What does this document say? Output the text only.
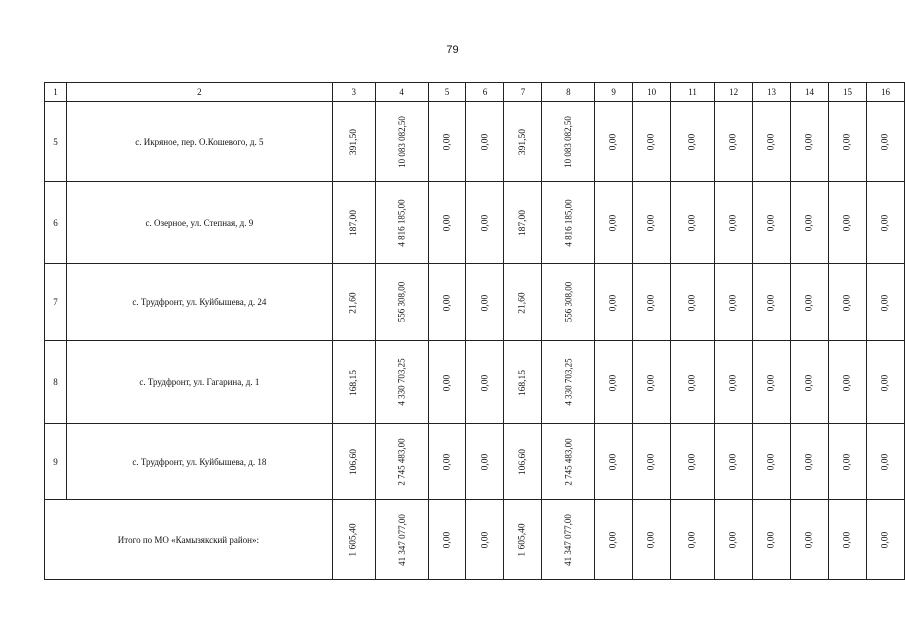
79
1	2	3	4	5	6	7	8	9	10	11	12	13	14	15	16
5	с. Икряное, пер. О.Кошевого, д. 5	391,50	10 083 082,50	0,00	0,00	391,50	10 083 082,50	0,00	0,00	0,00	0,00	0,00	0,00	0,00	0,00
6	с. Озерное, ул. Степная, д. 9	187,00	4 816 185,00	0,00	0,00	187,00	4 816 185,00	0,00	0,00	0,00	0,00	0,00	0,00	0,00	0,00
7	с. Трудфронт, ул. Куйбышева, д. 24	21,60	556 308,00	0,00	0,00	21,60	556 308,00	0,00	0,00	0,00	0,00	0,00	0,00	0,00	0,00
8	с. Трудфронт, ул. Гагарина, д. 1	168,15	4 330 703,25	0,00	0,00	168,15	4 330 703,25	0,00	0,00	0,00	0,00	0,00	0,00	0,00	0,00
9	с. Трудфронт, ул. Куйбышева, д. 18	106,60	2 745 483,00	0,00	0,00	106,60	2 745 483,00	0,00	0,00	0,00	0,00	0,00	0,00	0,00	0,00
Итого по МО «Камызякский район»:		1 605,40	41 347 077,00	0,00	0,00	1 605,40	41 347 077,00	0,00	0,00	0,00	0,00	0,00	0,00	0,00	0,00
